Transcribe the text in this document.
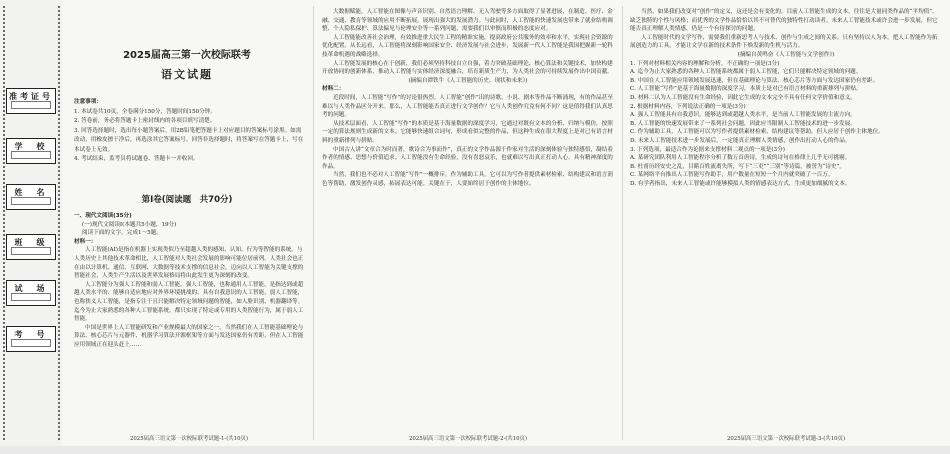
准考证号
学　校
姓　名
班　级
试　场
考　号
2025届高三第一次校际联考
语文试题
注意事项：
1. 本试卷共10页，全卷满分150分，答题时间150分钟。
2. 答卷前，务必将答题卡上密封线内的各项目填写清楚。
3. 回答选择题时，选出每小题答案后，用2B铅笔把答题卡上对应题目的答案标号涂黑。如需改动，用橡皮擦干净后，再选涂其它答案标号。回答非选择题时，将答案写在答题卡上，写在本试卷上无效。
4. 考试结束，监考员将试题卷、答题卡一并收回。
第Ⅰ卷(阅读题　共70分)
一、现代文阅读(35分)
(一)现代文阅读Ⅰ(本题共5小题，19分)
阅读下面的文字，完成1～5题。

材料一：

人工智能(AI)是指在机器上实现类似乃至超越人类的感知、认知、行为等智能的系统。与人类历史上其他技术革命相比，人工智能对人类社会发展的影响可能位居前列。人类社会也正在由以计算机、通信、互联网、大数据等技术支撑的信息社会，迈向以人工智能为关键支撑的智能社会，人类生产生活以及世界发展格局将由此发生更为深刻的改变。

人工智能分为强人工智能和弱人工智能。强人工智能，也称通用人工智能，是指达到或超越人类水平的、能够自适应地应对外界环境挑战的、具有自我意识的人工智能。弱人工智能，也称狭义人工智能，是指专注于且只能解决特定领域问题的智能，如人脸识别、机器翻译等。迄今为止大家熟悉的各种人工智能系统，都只实现了特定或专用的人类智能行为，属于弱人工智能。

中国是世界上人工智能研发和产业规模最大的国家之一。当然我们在人工智能基础理论与算法、核心芯片与元器件、机器学习算法开源框架等方面与发达国家仍有差距，但在人工智能应用领域正在迎头赶上……

2025届高三语文第一次校际联考试题-1-(共10页)

大数据赋能，人工智能在图像与声音识别、自然语言理解、无人驾驶等多方面取得了显著进展，在制造、医疗、金融、交通、教育等领域的应用不断拓展，展现出强大的发展潜力。与此同时，人工智能的快速发展也带来了就业结构调整、个人隐私保护、算法偏见与伦理安全等一系列问题，需要我们以审慎而积极的态度应对。

人工智能能改善社会治理，有效推进重大民生工程的精准实施，提高政府公共服务的效率和水平，实现社会资源的优化配置。从长远看，人工智能将深刻影响国家安全、经济发展与社会进步，发展新一代人工智能是我国把握新一轮科技革命机遇的战略选择。

人工智能发展的核心在于创新，我们必须坚持科技自立自强，着力突破基础理论、核心算法和关键技术，加快构建开放协同的创新体系，推动人工智能与实体经济深度融合，培育新质生产力，为人类社会的可持续发展作出中国贡献。

(摘编自谭铁牛《人工智能的历史、现状和未来》)

材料二：

近段时间，人工智能“写作”的讨论很热烈。人工智能“创作”出的诗歌、小说、剧本等作品不断涌现，有的作品甚至难以与人类作品区分开来。那么，人工智能能否真正进行文学创作？它与人类创作究竟有何不同？这是值得我们认真思考的问题。

从技术层面看，人工智能“写作”的本质是基于海量数据的深度学习，它通过对既有文本的分析、归纳与模仿，按照一定的算法规则生成新的文本。它能够快速组合词句，形成看似完整的作品，但这种生成在很大程度上是对已有语言材料的重新排列与拼贴。

中国古人讲“文章合为时而著，歌诗合为事而作”，真正的文学作品源于作家对生活的深刻体验与独特感悟，凝结着作者的情感、思想与价值追求。人工智能没有生命经验，没有喜怒哀乐，也就难以写出真正打动人心、具有精神深度的作品。

当然，我们也不必对人工智能“写作”一概排斥。作为辅助工具，它可以为写作者提供素材检索、结构建议和语言润色等帮助，激发创作灵感，拓展表达可能。关键在于，人要始终居于创作的主体地位。

2025届高三语文第一次校际联考试题-2-(共10页)

当然，如果我们改变对“创作”的定义，这还是会有变化的。目前人工智能生成的文本，往往是大量同类作品的“平均值”，缺乏独特的个性与风格；而优秀的文学作品恰恰以其不可替代的独特性打动读者。未来人工智能技术或许会进一步发展，但它能否真正理解人类情感，仍是一个有待探讨的问题。

人工智能时代的文学写作，需要我们重新思考人与技术、创作与生成之间的关系。只有坚持以人为本，把人工智能作为拓展创造力的工具，才能让文学在新的技术条件下焕发新的生机与活力。

(摘编自黄鸣奋《人工智能与文学创作》)

1. 下列对材料相关内容的理解和分析，不正确的一项是(3分)

A. 迄今为止大家熟悉的各种人工智能系统都属于弱人工智能，它们只能解决特定领域的问题。

B. 中国在人工智能应用领域发展迅速，但在基础理论与算法、核心芯片等方面与发达国家仍有差距。

C. 人工智能“写作”是基于海量数据的深度学习，本质上是对已有语言材料的重新排列与拼贴。

D. 材料二认为人工智能没有生命经验，因此它生成的文本完全不具有任何文学价值和意义。

2. 根据材料内容，下列说法正确的一项是(3分)

A. 强人工智能具有自我意识，能够达到或超越人类水平，是当前人工智能发展的主流方向。

B. 人工智能的快速发展带来了一系列社会问题，因此应当限制人工智能技术的进一步发展。

C. 作为辅助工具，人工智能可以为写作者提供素材检索、结构建议等帮助，但人应居于创作主体地位。

D. 未来人工智能技术进一步发展后，一定能真正理解人类情感，创作出打动人心的作品。

3. 下列选项，最适合作为论据来支撑材料二观点的一项是(3分)

A. 某研究团队利用人工智能程序分析了数万首唐诗，生成的诗句在格律上几乎无可挑剔。

B. 杜甫历经安史之乱，目睹百姓流离失所，写下“三吏”“三别”等诗篇，被誉为“诗史”。

C. 某网络平台推出人工智能写作助手，用户数量在短短一个月内就突破了一百万。

D. 有学者指出，未来人工智能或许能够模拟人类的情感表达方式，生成更加细腻的文本。

2025届高三语文第一次校际联考试题-3-(共10页)
